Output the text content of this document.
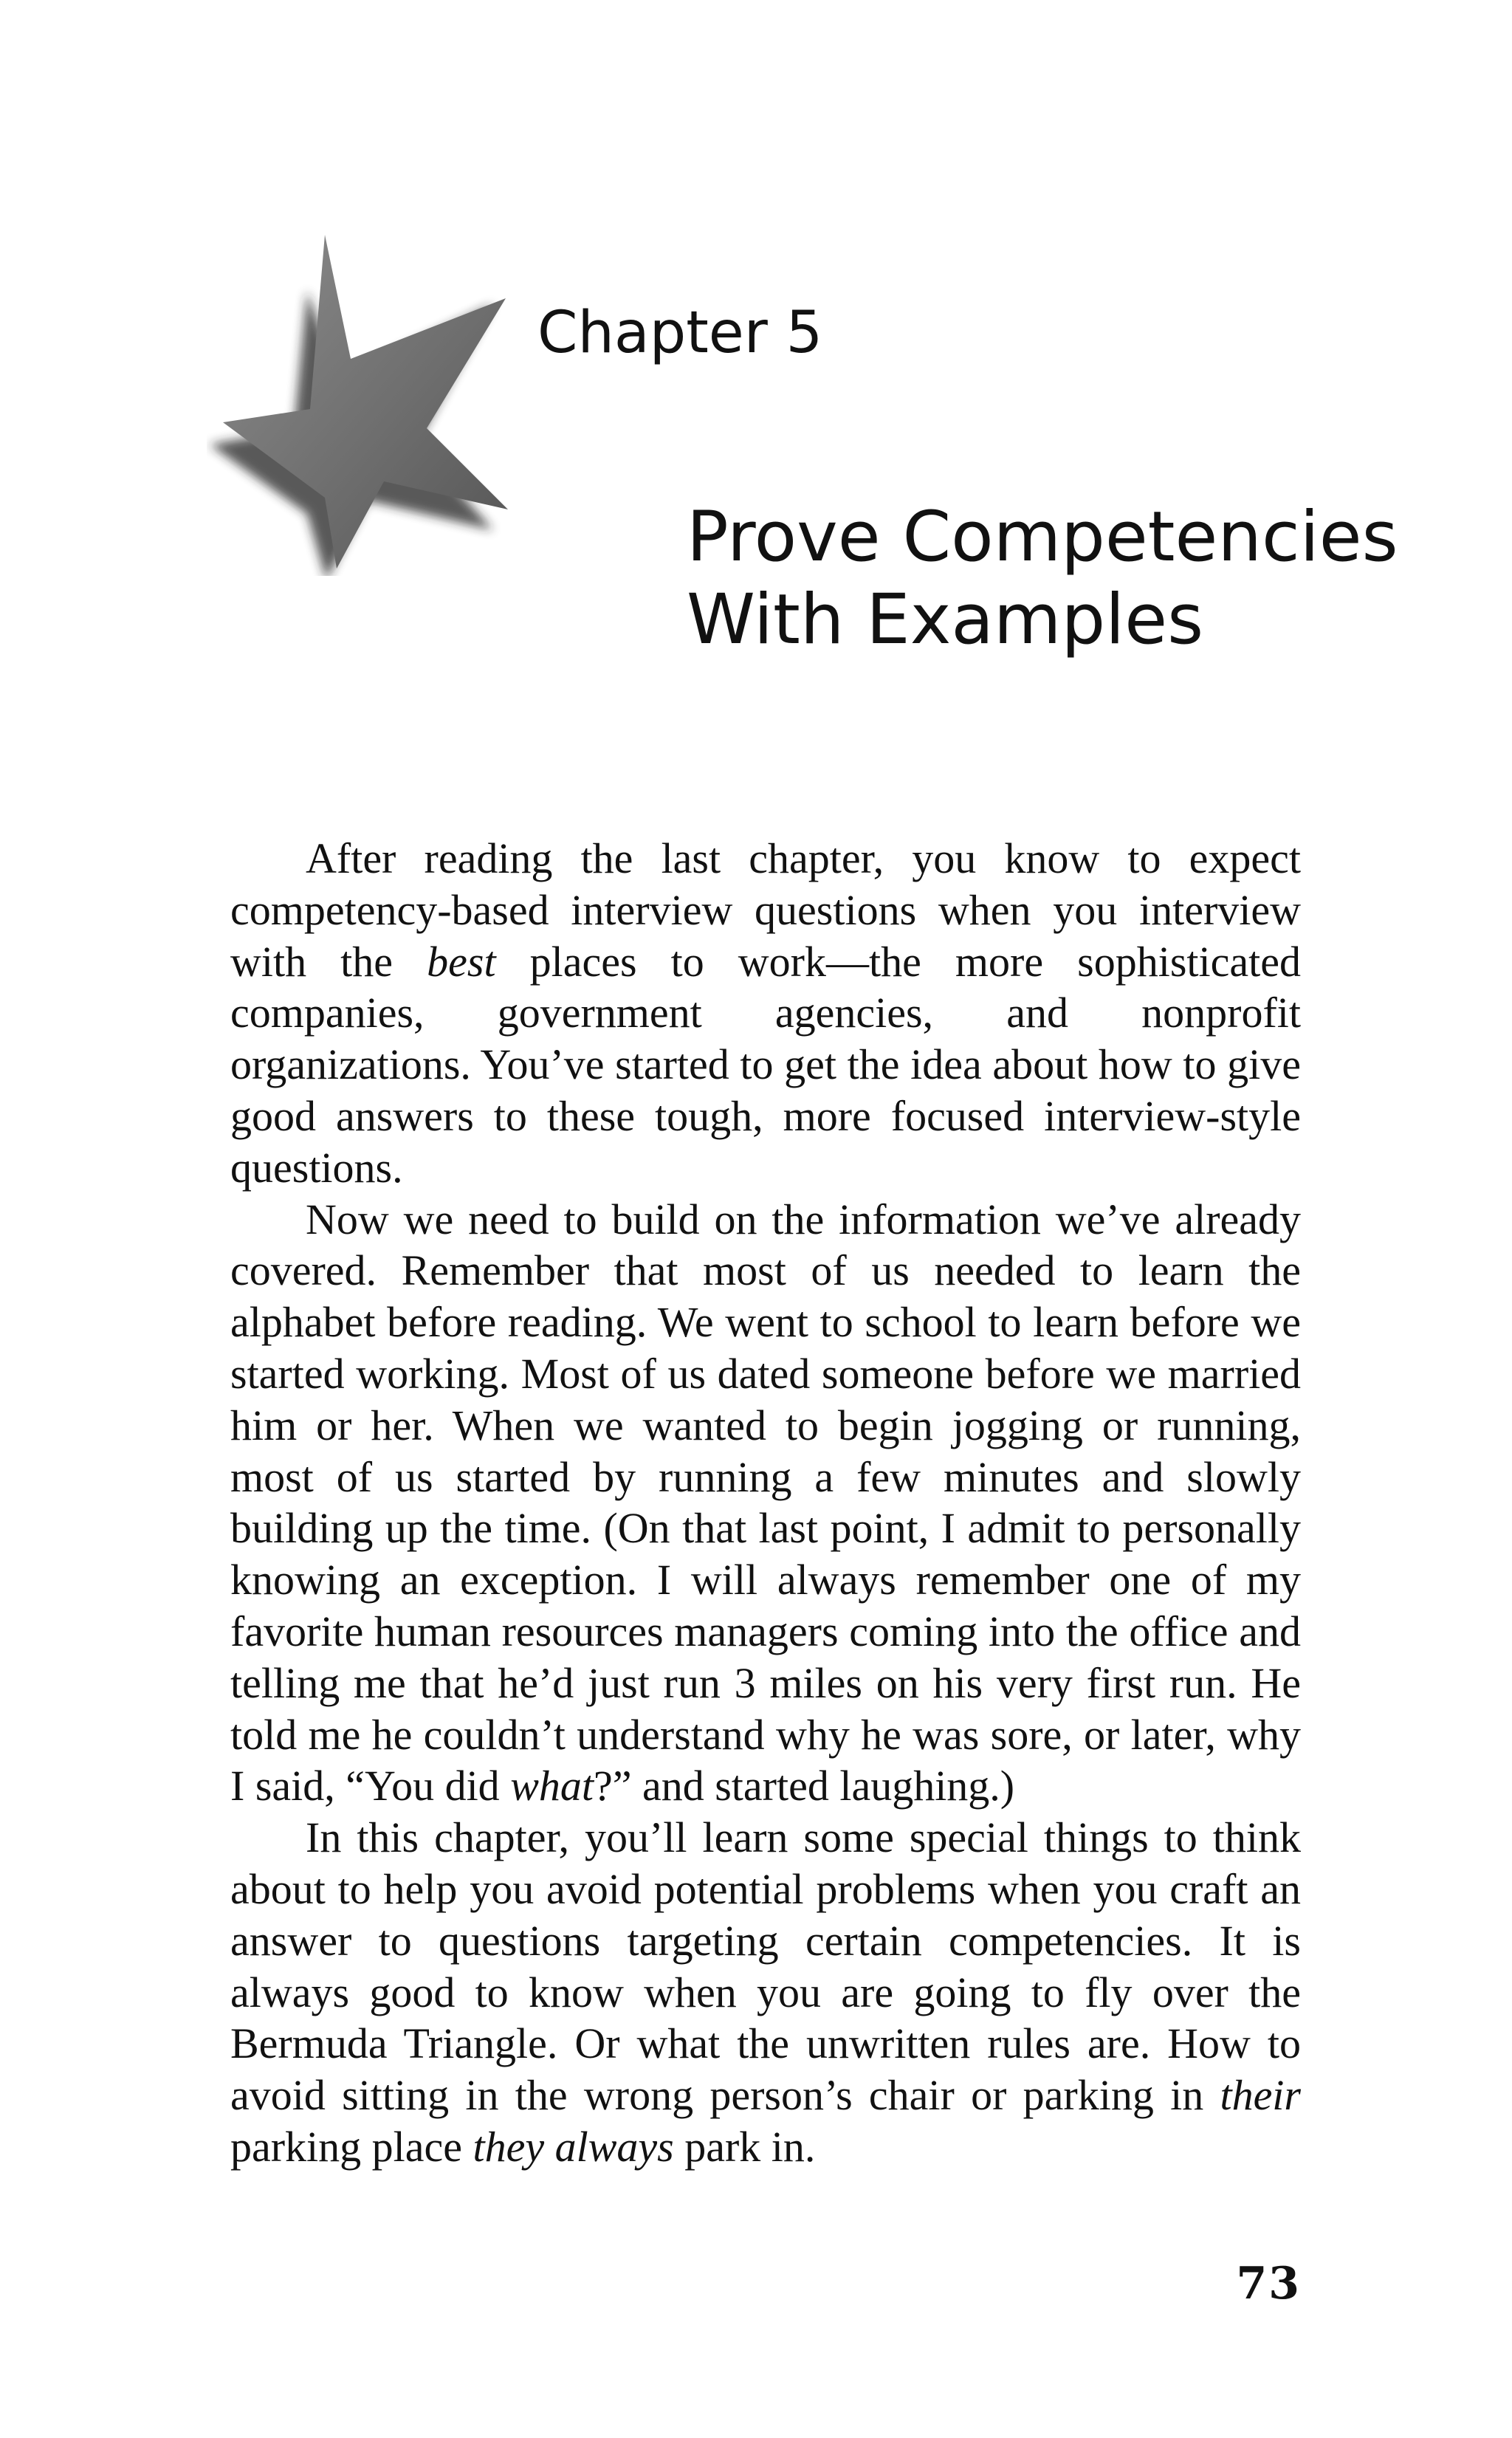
Chapter 5
Prove Competencies
With Examples

After reading the last chapter, you know to expect competency-based interview questions when you interview with the best places to work—the more sophisticated companies, government agencies, and nonprofit organizations. You’ve started to get the idea about how to give good answers to these tough, more focused interview-style questions.

Now we need to build on the information we’ve already covered. Remember that most of us needed to learn the alphabet before reading. We went to school to learn before we started working. Most of us dated someone before we married him or her. When we wanted to begin jogging or running, most of us started by running a few minutes and slowly building up the time. (On that last point, I admit to personally knowing an exception. I will always remember one of my favorite human resources managers coming into the office and telling me that he’d just run 3 miles on his very first run. He told me he couldn’t understand why he was sore, or later, why I said, “You did what?” and started laughing.)

In this chapter, you’ll learn some special things to think about to help you avoid potential problems when you craft an answer to questions targeting certain competencies. It is always good to know when you are going to fly over the Bermuda Triangle. Or what the unwritten rules are. How to avoid sitting in the wrong person’s chair or parking in their parking place they always park in.

73
